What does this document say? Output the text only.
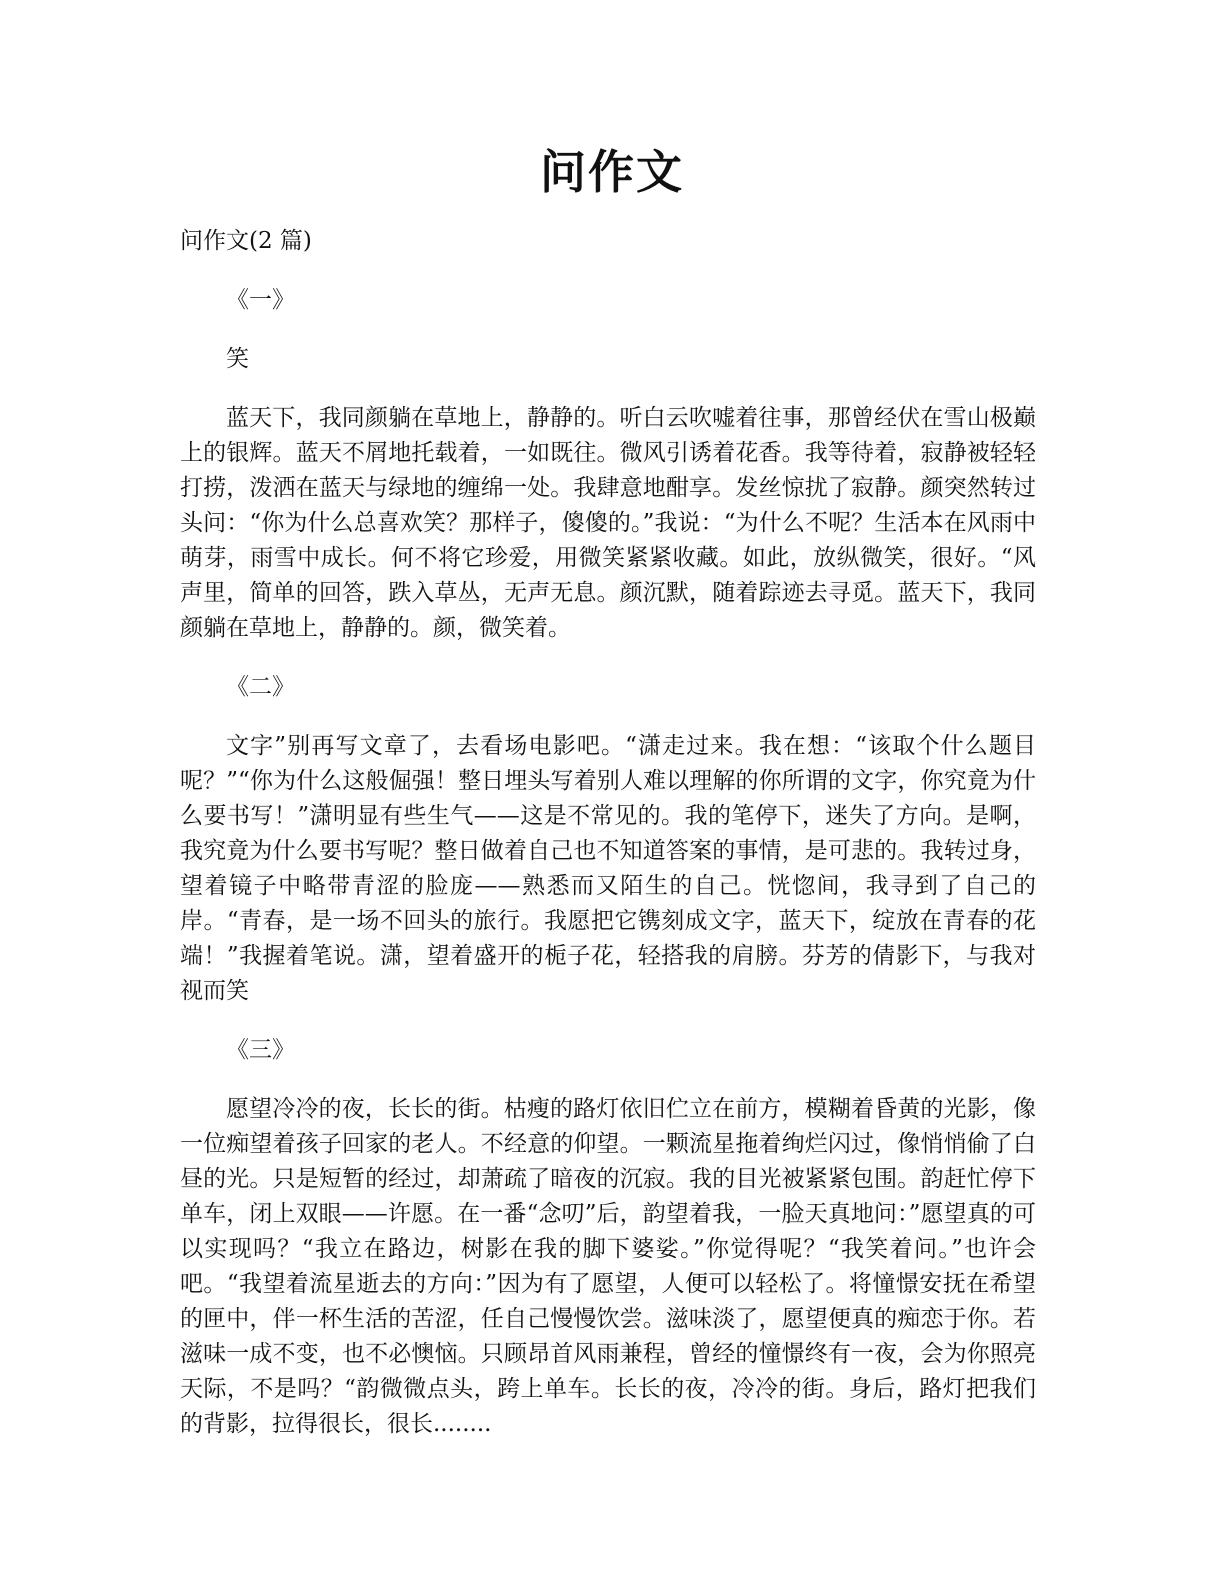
问作文

问作文(2 篇)

《一》

笑

蓝天下，我同颜躺在草地上，静静的。听白云吹嘘着往事，那曾经伏在雪山极巅上的银辉。蓝天不屑地托载着，一如既往。微风引诱着花香。我等待着，寂静被轻轻打捞，泼洒在蓝天与绿地的缠绵一处。我肆意地酣享。发丝惊扰了寂静。颜突然转过头问：“你为什么总喜欢笑？那样子，傻傻的。”我说：“为什么不呢？生活本在风雨中萌芽，雨雪中成长。何不将它珍爱，用微笑紧紧收藏。如此，放纵微笑，很好。“风声里，简单的回答，跌入草丛，无声无息。颜沉默，随着踪迹去寻觅。蓝天下，我同颜躺在草地上，静静的。颜，微笑着。

《二》

文字”别再写文章了，去看场电影吧。“潇走过来。我在想：“该取个什么题目呢？”“你为什么这般倔强！整日埋头写着别人难以理解的你所谓的文字，你究竟为什么要书写！”潇明显有些生气——这是不常见的。我的笔停下，迷失了方向。是啊，我究竟为什么要书写呢？整日做着自己也不知道答案的事情，是可悲的。我转过身，望着镜子中略带青涩的脸庞——熟悉而又陌生的自己。恍惚间，我寻到了自己的岸。“青春，是一场不回头的旅行。我愿把它镌刻成文字，蓝天下，绽放在青春的花端！”我握着笔说。潇，望着盛开的栀子花，轻搭我的肩膀。芬芳的倩影下，与我对视而笑

《三》

愿望冷冷的夜，长长的街。枯瘦的路灯依旧伫立在前方，模糊着昏黄的光影，像一位痴望着孩子回家的老人。不经意的仰望。一颗流星拖着绚烂闪过，像悄悄偷了白昼的光。只是短暂的经过，却萧疏了暗夜的沉寂。我的目光被紧紧包围。韵赶忙停下单车，闭上双眼——许愿。在一番“念叨”后，韵望着我，一脸天真地问：”愿望真的可以实现吗？“我立在路边，树影在我的脚下婆娑。”你觉得呢？“我笑着问。”也许会吧。“我望着流星逝去的方向：”因为有了愿望，人便可以轻松了。将憧憬安抚在希望的匣中，伴一杯生活的苦涩，任自己慢慢饮尝。滋味淡了，愿望便真的痴恋于你。若滋味一成不变，也不必懊恼。只顾昂首风雨兼程，曾经的憧憬终有一夜，会为你照亮天际，不是吗？“韵微微点头，跨上单车。长长的夜，冷冷的街。身后，路灯把我们的背影，拉得很长，很长........
